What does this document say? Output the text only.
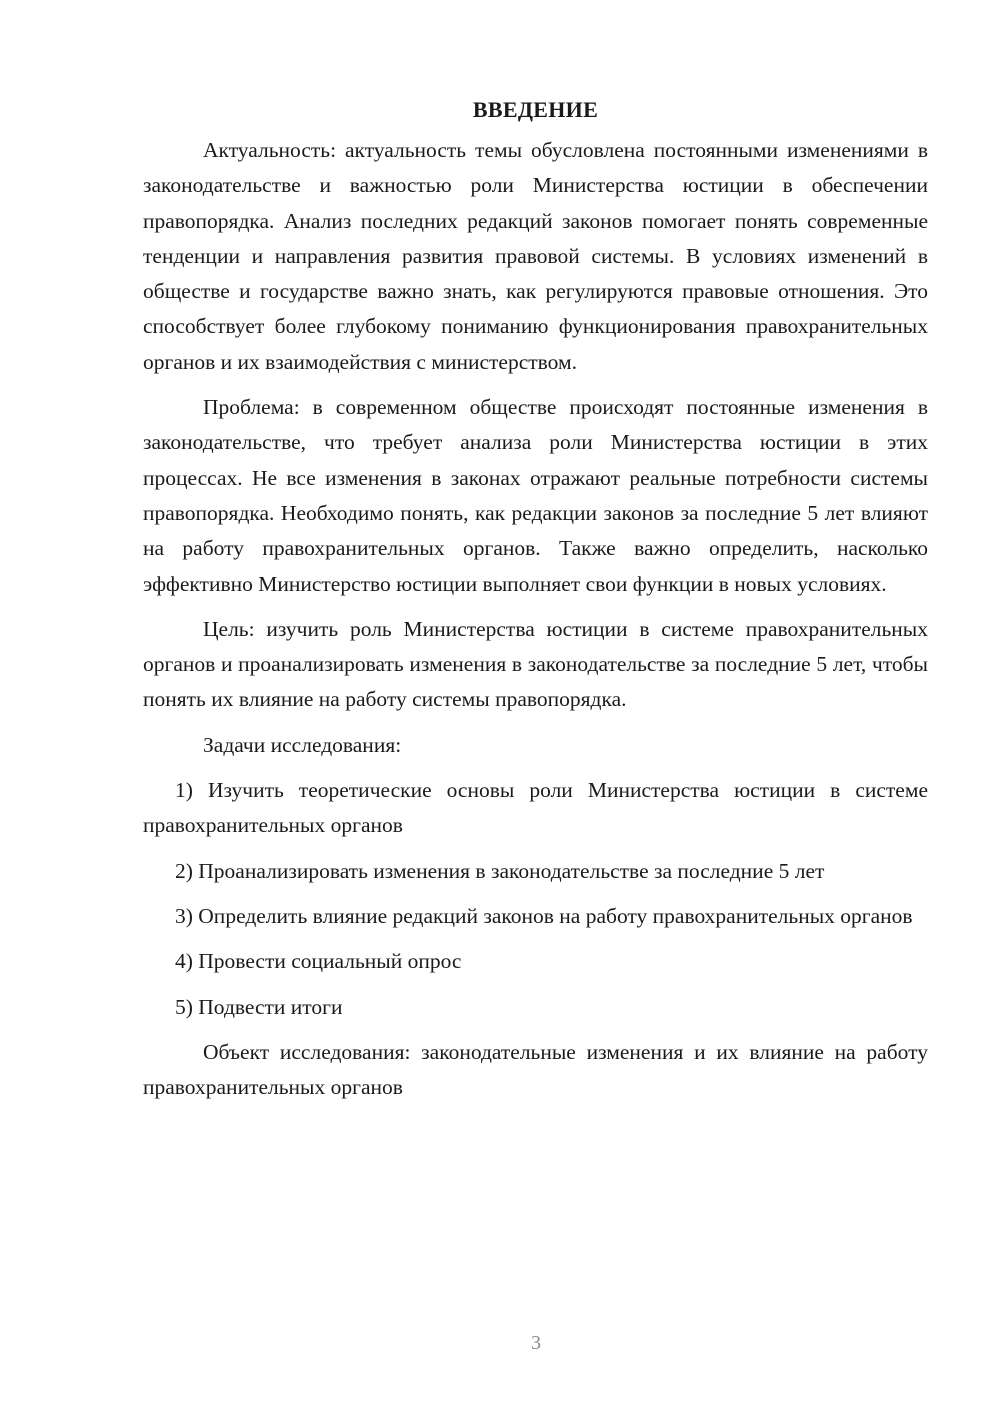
ВВЕДЕНИЕ

Актуальность: актуальность темы обусловлена постоянными изменениями в законодательстве и важностью роли Министерства юстиции в обеспечении правопорядка. Анализ последних редакций законов помогает понять современные тенденции и направления развития правовой системы. В условиях изменений в обществе и государстве важно знать, как регулируются правовые отношения. Это способствует более глубокому пониманию функционирования правохранительных органов и их взаимодействия с министерством.

Проблема: в современном обществе происходят постоянные изменения в законодательстве, что требует анализа роли Министерства юстиции в этих процессах. Не все изменения в законах отражают реальные потребности системы правопорядка. Необходимо понять, как редакции законов за последние 5 лет влияют на работу правохранительных органов. Также важно определить, насколько эффективно Министерство юстиции выполняет свои функции в новых условиях.

Цель: изучить роль Министерства юстиции в системе правохранительных органов и проанализировать изменения в законодательстве за последние 5 лет, чтобы понять их влияние на работу системы правопорядка.

Задачи исследования:

1) Изучить теоретические основы роли Министерства юстиции в системе правохранительных органов

2) Проанализировать изменения в законодательстве за последние 5 лет

3) Определить влияние редакций законов на работу правохранительных органов

4) Провести социальный опрос

5) Подвести итоги

Объект исследования: законодательные изменения и их влияние на работу правохранительных органов

3
